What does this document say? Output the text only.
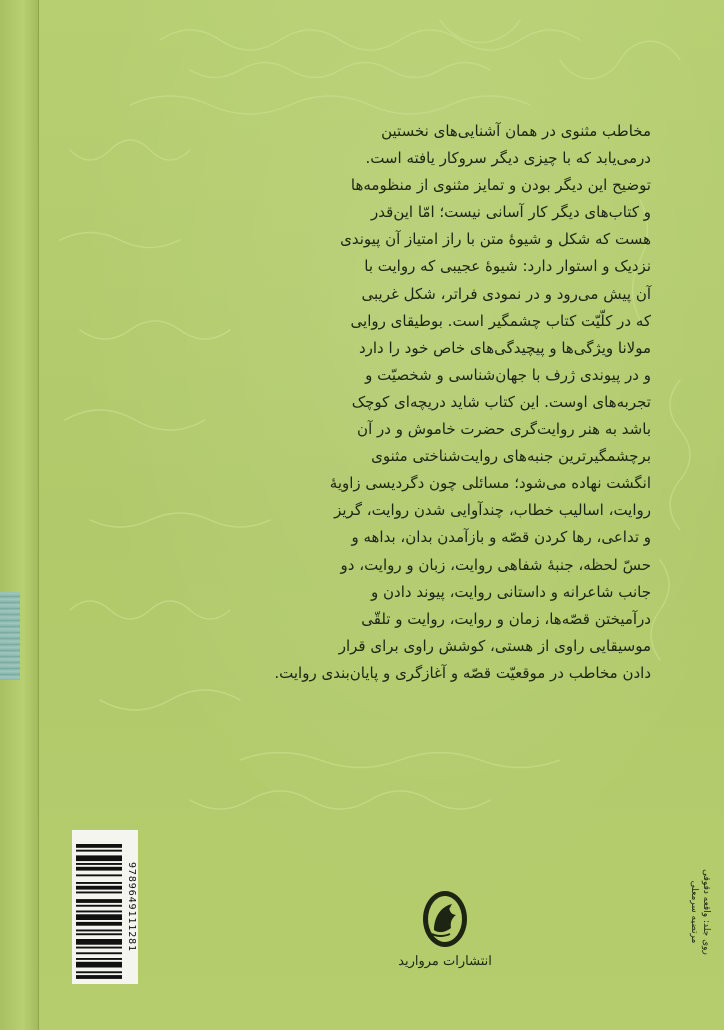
مخاطب مثنوی در همان آشنایی‌های نخستین
درمی‌یابد که با چیزی دیگر سروکار یافته است.
توضیح این دیگر بودن و تمایز مثنوی از منظومه‌ها
و کتاب‌های دیگر کار آسانی نیست؛ امّا این‌قدر
هست که شکل و شیوهٔ متن با راز امتیاز آن پیوندی
نزدیک و استوار دارد: شیوهٔ عجیبی که روایت با
آن پیش می‌رود و در نمودی فراتر، شکل غریبی
که در کلّیّت کتاب چشمگیر است. بوطیقای روایی
مولانا ویژگی‌ها و پیچیدگی‌های خاص خود را دارد
و در پیوندی ژرف با جهان‌شناسی و شخصیّت و
تجربه‌های اوست. این کتاب شاید دریچه‌ای کوچک
باشد به هنر روایت‌گری حضرت خاموش و در آن
برچشمگیرترین جنبه‌های روایت‌شناختی مثنوی
انگشت نهاده می‌شود؛ مسائلی چون دگردیسی زاویهٔ
روایت، اسالیب خطاب، چندآوایی شدن روایت، گریز
و تداعی، رها کردن قصّه و بازآمدن بدان، بداهه و
حسّ لحظه، جنبهٔ شفاهی روایت، زبان و روایت، دو
جانب شاعرانه و داستانی روایت، پیوند دادن و
درآمیختن قصّه‌ها، زمان و روایت، روایت و تلقّی
موسیقایی راوی از هستی، کوشش راوی برای قرار
دادن مخاطب در موقعیّت قصّه و آغازگری و پایان‌بندی روایت.
9789649111281
انتشارات مروارید
روی جلد: واقعه دقوقی
مرتضیه سرمعلی
